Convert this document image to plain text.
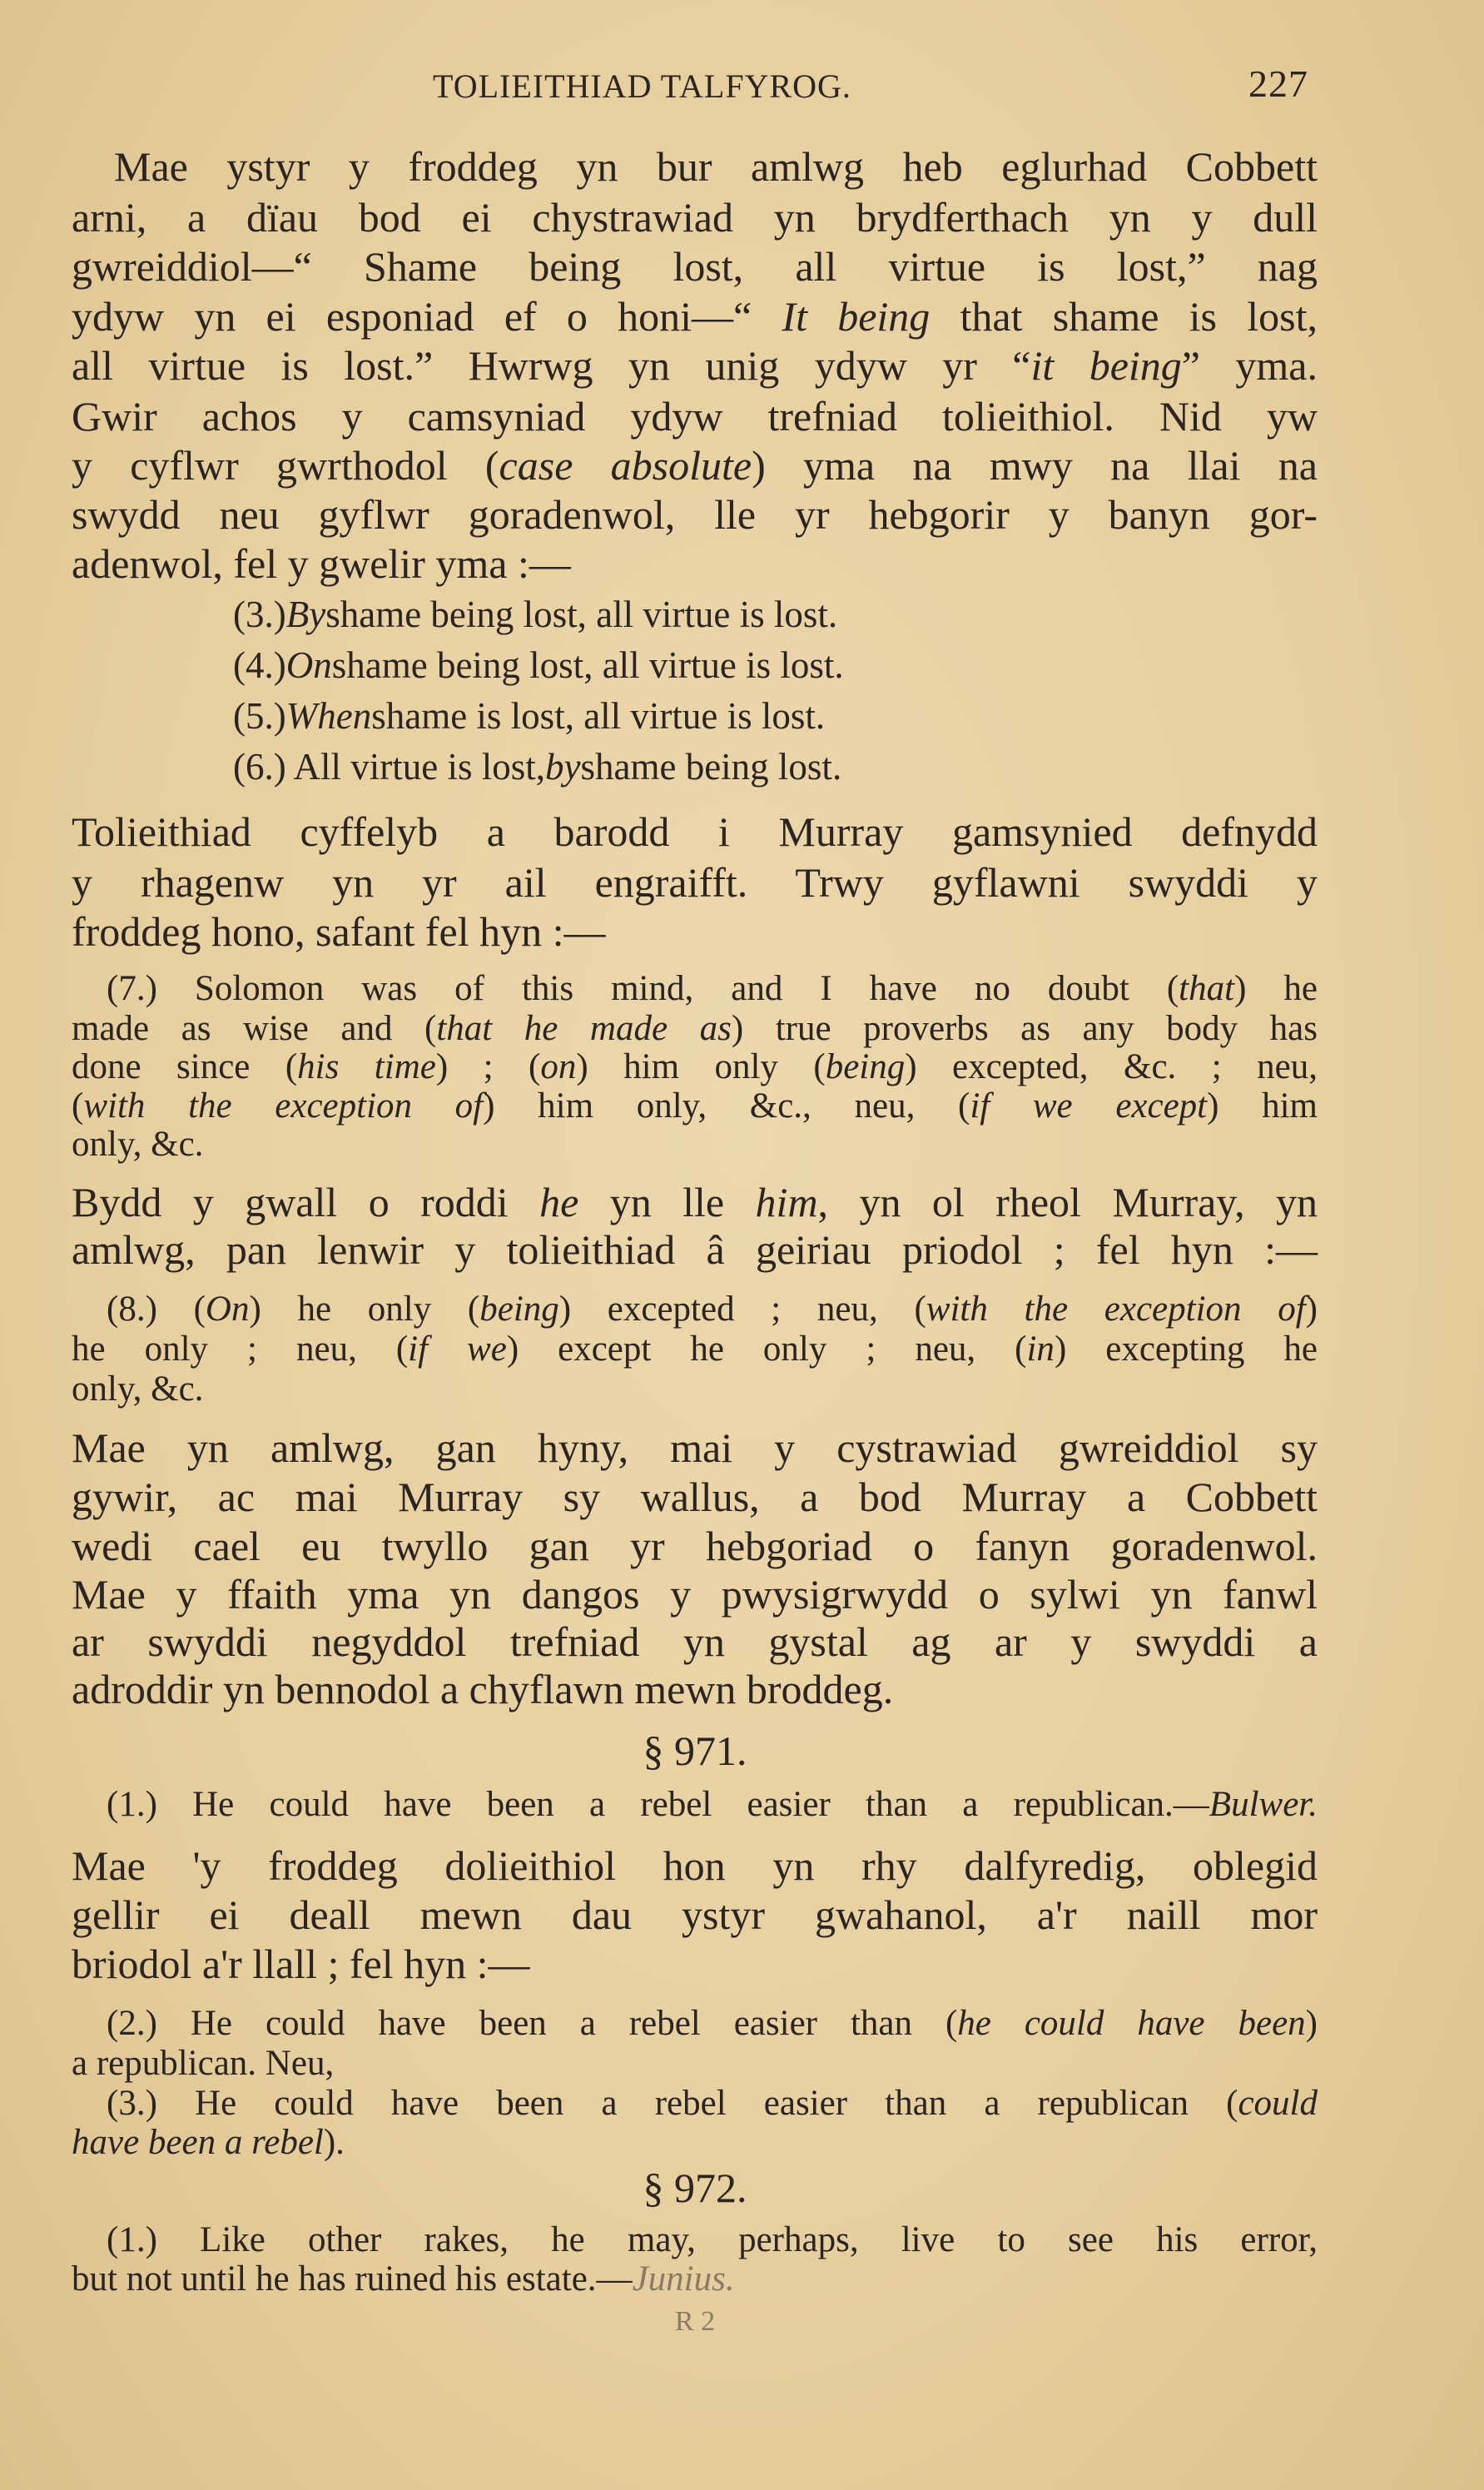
TOLIEITHIAD TALFYROG.	227
Mae ystyr y froddeg yn bur amlwg heb eglurhad Cobbett
arni, a dïau bod ei chystrawiad yn brydferthach yn y dull
gwreiddiol—“ Shame being lost, all virtue is lost,” nag
ydyw yn ei esponiad ef o honi—“ It being that shame is lost,
all virtue is lost.” Hwrwg yn unig ydyw yr “it being” yma.
Gwir achos y camsyniad ydyw trefniad tolieithiol. Nid yw
y cyflwr gwrthodol (case absolute) yma na mwy na llai na
swydd neu gyflwr goradenwol, lle yr hebgorir y banyn gor-
adenwol, fel y gwelir yma :—
(3.) By shame being lost, all virtue is lost.
(4.) On shame being lost, all virtue is lost.
(5.) When shame is lost, all virtue is lost.
(6.) All virtue is lost, by shame being lost.
Tolieithiad cyffelyb a barodd i Murray gamsynied defnydd
y rhagenw yn yr ail engraifft. Trwy gyflawni swyddi y
froddeg hono, safant fel hyn :—
(7.) Solomon was of this mind, and I have no doubt (that) he
made as wise and (that he made as) true proverbs as any body has
done since (his time) ; (on) him only (being) excepted, &c. ; neu,
(with the exception of) him only, &c., neu, (if we except) him
only, &c.
Bydd y gwall o roddi he yn lle him, yn ol rheol Murray, yn
amlwg, pan lenwir y tolieithiad â geiriau priodol ; fel hyn :—
(8.) (On) he only (being) excepted ; neu, (with the exception of)
he only ; neu, (if we) except he only ; neu, (in) excepting he
only, &c.
Mae yn amlwg, gan hyny, mai y cystrawiad gwreiddiol sy
gywir, ac mai Murray sy wallus, a bod Murray a Cobbett
wedi cael eu twyllo gan yr hebgoriad o fanyn goradenwol.
Mae y ffaith yma yn dangos y pwysigrwydd o sylwi yn fanwl
ar swyddi negyddol trefniad yn gystal ag ar y swyddi a
adroddir yn bennodol a chyflawn mewn broddeg.
§ 971.
(1.) He could have been a rebel easier than a republican.—Bulwer.
Mae 'y froddeg dolieithiol hon yn rhy dalfyredig, oblegid
gellir ei deall mewn dau ystyr gwahanol, a'r naill mor
briodol a'r llall ; fel hyn :—
(2.) He could have been a rebel easier than (he could have been)
a republican. Neu,
(3.) He could have been a rebel easier than a republican (could
have been a rebel ).
§ 972.
(1.) Like other rakes, he may, perhaps, live to see his error,
but not until he has ruined his estate.— Junius.
R 2
